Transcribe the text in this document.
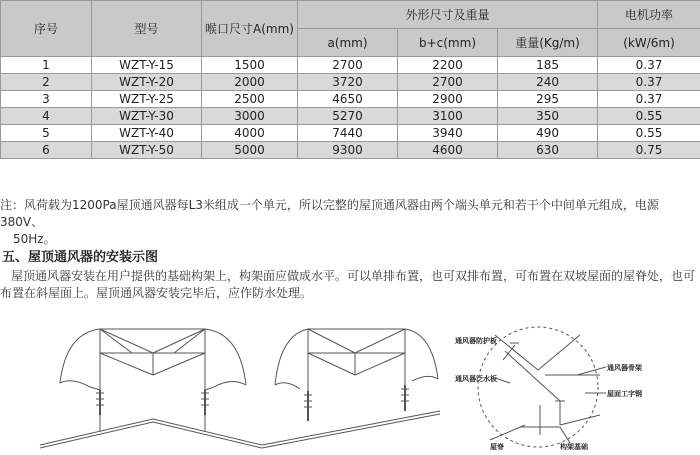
序号	型号	喉口尺寸A(mm)	外形尺寸及重量			电机功率
			a(mm)	b+c(mm)	重量(Kg/m)	(kW/6m)
1	WZT-Y-15	1500	2700	2200	185	0.37
2	WZT-Y-20	2000	3720	2700	240	0.37
3	WZT-Y-25	2500	4650	2900	295	0.37
4	WZT-Y-30	3000	5270	3100	350	0.55
5	WZT-Y-40	4000	7440	3940	490	0.55
6	WZT-Y-50	5000	9300	4600	630	0.75
注：风荷载为1200Pa屋顶通风器每L3米组成一个单元，所以完整的屋顶通风器由两个端头单元和若干个中间单元组成，电源380V、
50Hz。
五、屋顶通风器的安装示图
屋顶通风器安装在用户提供的基础构架上，构架面应做成水平。可以单排布置，也可双排布置，可布置在双坡屋面的屋脊处，也可
布置在斜屋面上。屋顶通风器安装完毕后，应作防水处理。
通风器防护板
通风器骨架
通风器泛水板
屋面工字钢
屋脊	构架基础
